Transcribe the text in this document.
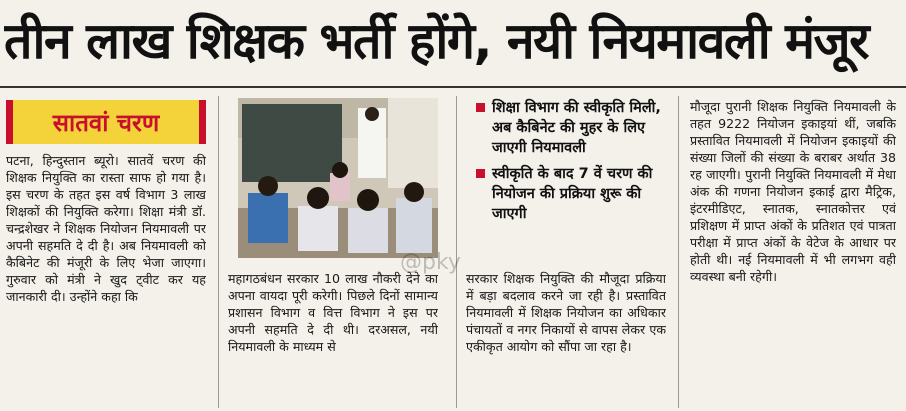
तीन लाख शिक्षक भर्ती होंगे, नयी नियमावली मंजूर
सातवां चरण
पटना, हिन्दुस्तान ब्यूरो। सातवें चरण की शिक्षक नियुक्ति का रास्ता साफ हो गया है। इस चरण के तहत इस वर्ष विभाग 3 लाख शिक्षकों की नियुक्ति करेगा। शिक्षा मंत्री डॉ. चन्द्रशेखर ने शिक्षक नियोजन नियमावली पर अपनी सहमति दे दी है। अब नियमावली को कैबिनेट की मंजूरी के लिए भेजा जाएगा। गुरुवार को मंत्री ने खुद ट्वीट कर यह जानकारी दी। उन्होंने कहा कि
महागठबंधन सरकार 10 लाख नौकरी देने का अपना वायदा पूरी करेगी। पिछले दिनों सामान्य प्रशासन विभाग व वित्त विभाग ने इस पर अपनी सहमति दे दी थी। दरअसल, नयी नियमावली के माध्यम से
शिक्षा विभाग की स्वीकृति मिली, अब कैबिनेट की मुहर के लिए जाएगी नियमावली
स्वीकृति के बाद 7 वें चरण की नियोजन की प्रक्रिया शुरू की जाएगी
सरकार शिक्षक नियुक्ति की मौजूदा प्रक्रिया में बड़ा बदलाव करने जा रही है। प्रस्तावित नियमावली में शिक्षक नियोजन का अधिकार पंचायतों व नगर निकायों से वापस लेकर एक एकीकृत आयोग को सौंपा जा रहा है।
मौजूदा पुरानी शिक्षक नियुक्ति नियमावली के तहत 9222 नियोजन इकाइयां थीं, जबकि प्रस्तावित नियमावली में नियोजन इकाइयों की संख्या जिलों की संख्या के बराबर अर्थात 38 रह जाएगी। पुरानी नियुक्ति नियमावली में मेधा अंक की गणना नियोजन इकाई द्वारा मैट्रिक, इंटरमीडिएट, स्नातक, स्नातकोत्तर एवं प्रशिक्षण में प्राप्त अंकों के प्रतिशत एवं पात्रता परीक्षा में प्राप्त अंकों के वेटेज के आधार पर होती थी। नई नियमावली में भी लगभग वही व्यवस्था बनी रहेगी।
@pky
